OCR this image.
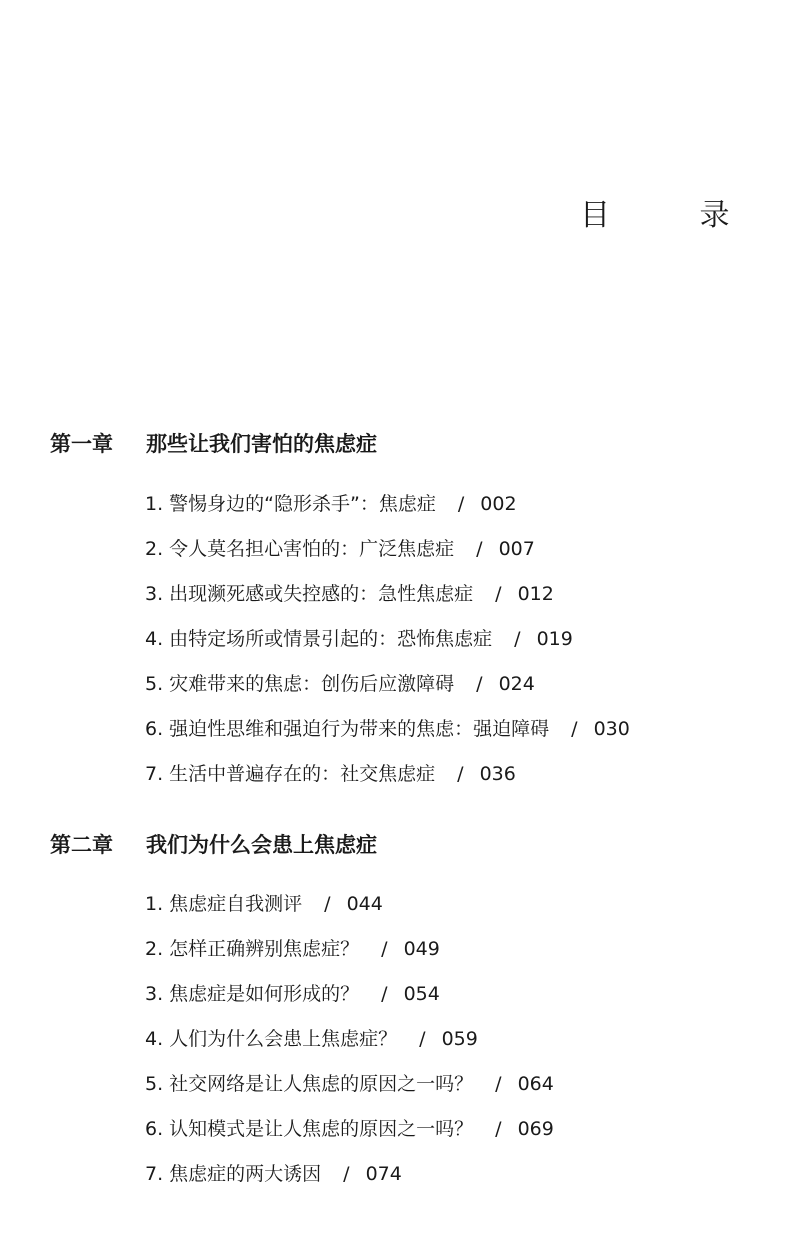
目 录
第一章 那些让我们害怕的焦虑症
1. 警惕身边的“隐形杀手”：焦虑症 / 002
2. 令人莫名担心害怕的：广泛焦虑症 / 007
3. 出现濒死感或失控感的：急性焦虑症 / 012
4. 由特定场所或情景引起的：恐怖焦虑症 / 019
5. 灾难带来的焦虑：创伤后应激障碍 / 024
6. 强迫性思维和强迫行为带来的焦虑：强迫障碍 / 030
7. 生活中普遍存在的：社交焦虑症 / 036
第二章 我们为什么会患上焦虑症
1. 焦虑症自我测评 / 044
2. 怎样正确辨别焦虑症？ / 049
3. 焦虑症是如何形成的？ / 054
4. 人们为什么会患上焦虑症？ / 059
5. 社交网络是让人焦虑的原因之一吗？ / 064
6. 认知模式是让人焦虑的原因之一吗？ / 069
7. 焦虑症的两大诱因 / 074
